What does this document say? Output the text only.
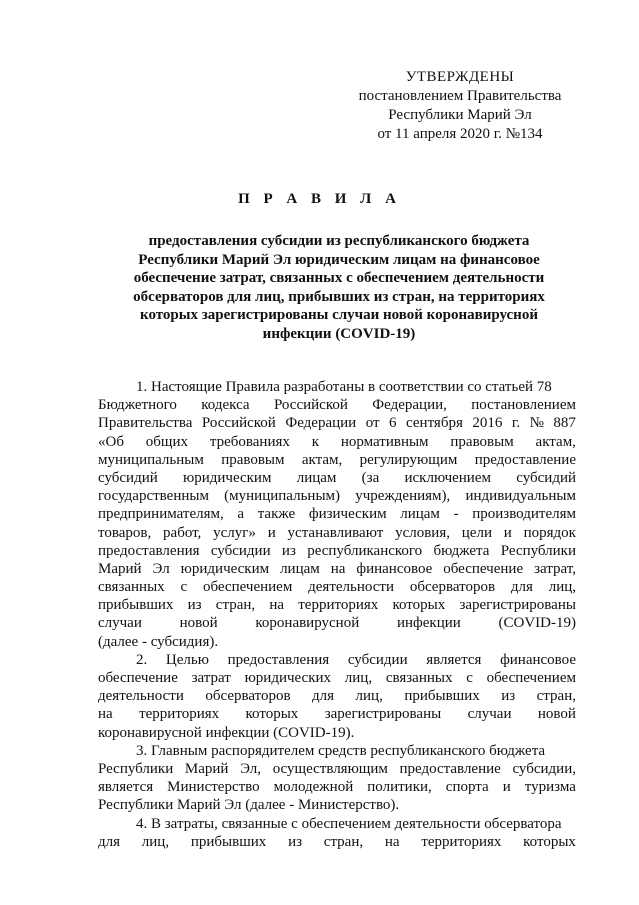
УТВЕРЖДЕНЫ
постановлением Правительства
Республики Марий Эл
от 11 апреля 2020 г. №134
П Р А В И Л А
предоставления субсидии из республиканского бюджета
Республики Марий Эл юридическим лицам на финансовое
обеспечение затрат, связанных с обеспечением деятельности
обсерваторов для лиц, прибывших из стран, на территориях
которых зарегистрированы случаи новой коронавирусной
инфекции (COVID-19)
1. Настоящие Правила разработаны в соответствии со статьей 78
Бюджетного кодекса Российской Федерации, постановлением
Правительства Российской Федерации от 6 сентября 2016 г. № 887
«Об общих требованиях к нормативным правовым актам,
муниципальным правовым актам, регулирующим предоставление
субсидий юридическим лицам (за исключением субсидий
государственным (муниципальным) учреждениям), индивидуальным
предпринимателям, а также физическим лицам - производителям
товаров, работ, услуг» и устанавливают условия, цели и порядок
предоставления субсидии из республиканского бюджета Республики
Марий Эл юридическим лицам на финансовое обеспечение затрат,
связанных с обеспечением деятельности обсерваторов для лиц,
прибывших из стран, на территориях которых зарегистрированы
случаи	новой	коронавирусной	инфекции	(COVID-19)
(далее - субсидия).
2. Целью предоставления субсидии является финансовое
обеспечение затрат юридических лиц, связанных с обеспечением
деятельности обсерваторов для лиц, прибывших из стран,
на территориях которых зарегистрированы случаи новой
коронавирусной инфекции (COVID-19).
3. Главным распорядителем средств республиканского бюджета
Республики Марий Эл, осуществляющим предоставление субсидии,
является Министерство молодежной политики, спорта и туризма
Республики Марий Эл (далее - Министерство).
4. В затраты, связанные с обеспечением деятельности обсерватора
для лиц, прибывших из стран, на территориях которых
